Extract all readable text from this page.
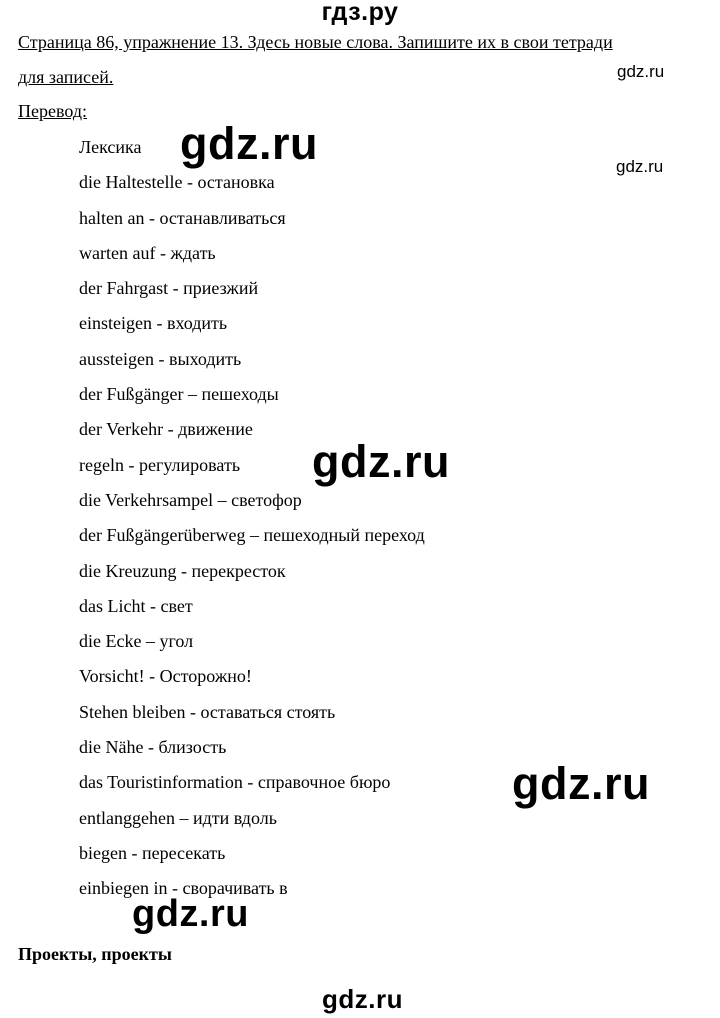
гдз.ру
Страница 86, упражнение 13. Здесь новые слова. Запишите их в свои тетради
для записей.
Перевод:
gdz.ru
gdz.ru
gdz.ru
gdz.ru
gdz.ru
gdz.ru
gdz.ru
Лексика
die Haltestelle - остановка
halten an - останавливаться
warten auf - ждать
der Fahrgast - приезжий
einsteigen - входить
aussteigen - выходить
der Fußgänger – пешеходы
der Verkehr - движение
regeln - регулировать
die Verkehrsampel – светофор
der Fußgängerüberweg – пешеходный переход
die Kreuzung - перекресток
das Licht - свет
die Ecke – угол
Vorsicht! - Осторожно!
Stehen bleiben - оставаться стоять
die Nähe - близость
das Touristinformation - справочное бюро
entlanggehen – идти вдоль
biegen - пересекать
einbiegen in - сворачивать в
Проекты, проекты
